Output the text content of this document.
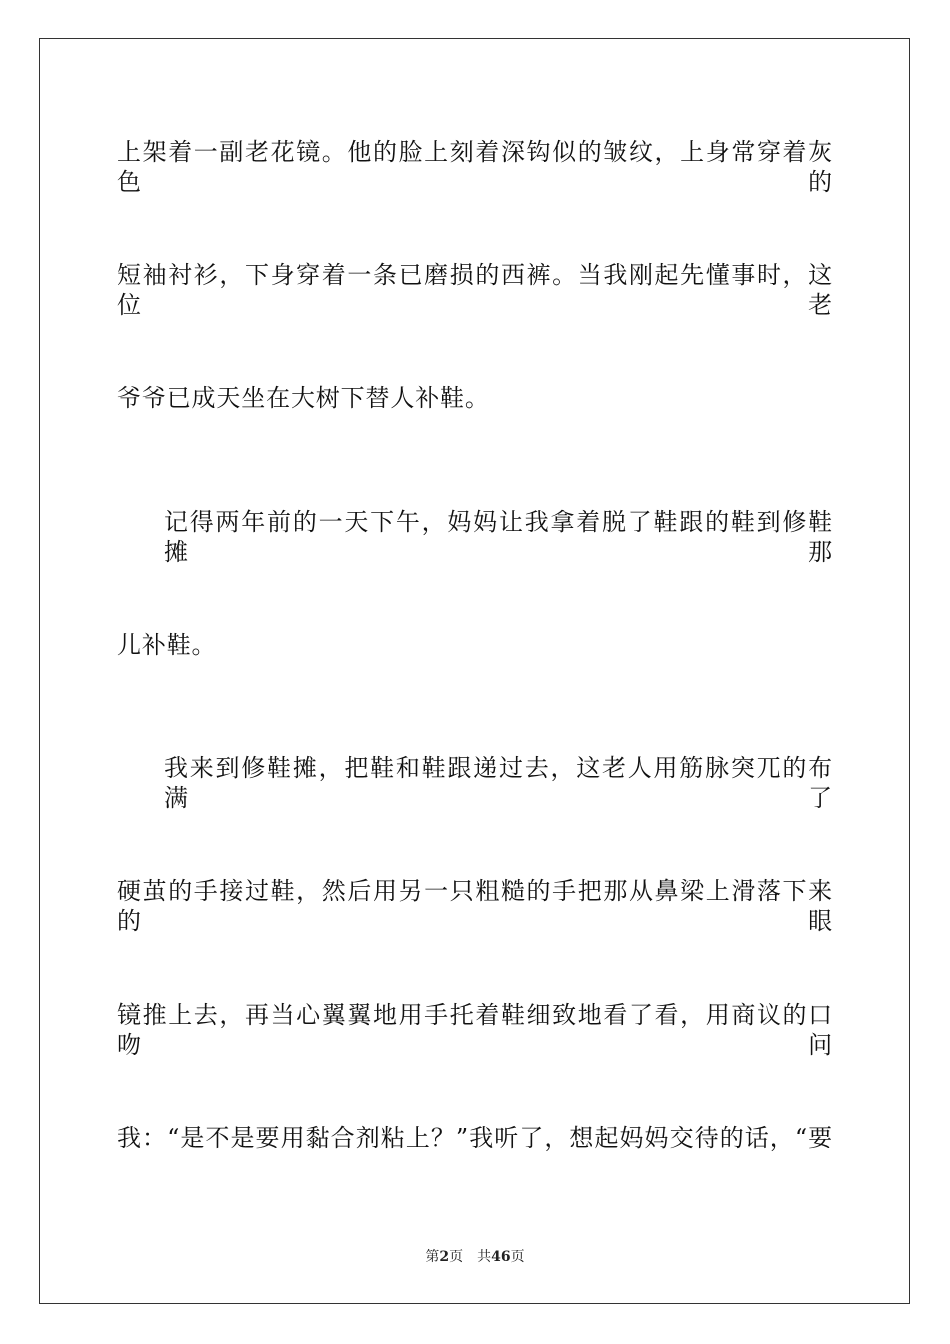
上架着一副老花镜。他的脸上刻着深钩似的皱纹，上身常穿着灰色的
短袖衬衫，下身穿着一条已磨损的西裤。当我刚起先懂事时，这位老
爷爷已成天坐在大树下替人补鞋。
记得两年前的一天下午，妈妈让我拿着脱了鞋跟的鞋到修鞋摊那
儿补鞋。
我来到修鞋摊，把鞋和鞋跟递过去，这老人用筋脉突兀的布满了
硬茧的手接过鞋，然后用另一只粗糙的手把那从鼻梁上滑落下来的眼
镜推上去，再当心翼翼地用手托着鞋细致地看了看，用商议的口吻问
我：“是不是要用黏合剂粘上？”我听了，想起妈妈交待的话，“要
第2页 共46页
